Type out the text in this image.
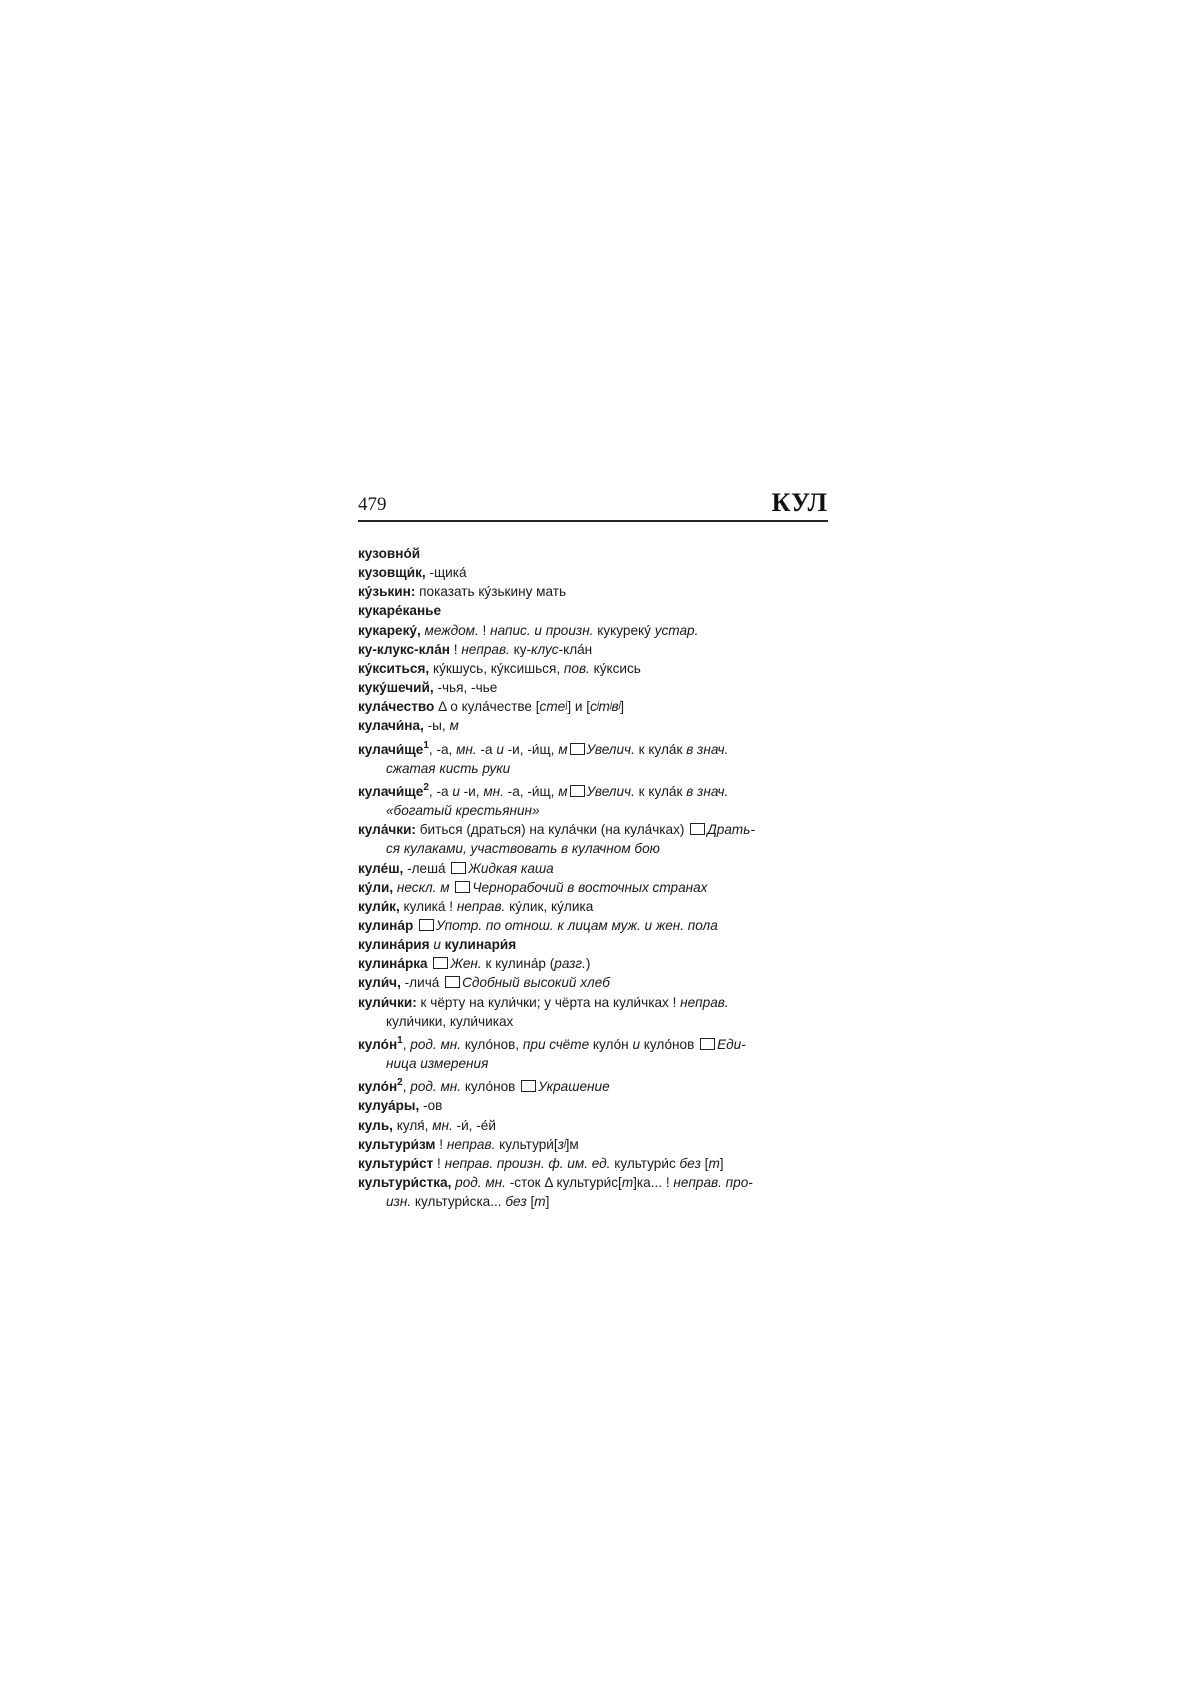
479	КУЛ
кузовно́й
кузовщи́к, -щика́
ку́зькин: показать ку́зькину мать
кукаре́канье
кукареку́, междом. ! напис. и произн. кукуреку́ устар.
ку-клукс-кла́н ! неправ. ку-клус-кла́н
ку́кситься, ку́кшусь, ку́ксишься, пов. ку́ксись
куку́шечий, -чья, -чье
кула́чество Δ о кула́честве [стеʲ] и [сʲтʲвʲ]
кулачи́на, -ы, м
$кулачи́ще^1$, -а, мн. -а и -и, -и́щ, м Увелич. к кула́к в знач.
сжатая кисть руки
$кулачи́ще^2$, -а и -и, мн. -а, -и́щ, м Увелич. к кула́к в знач.
«богатый крестьянин»
кула́чки: биться (драться) на кула́чки (на кула́чках) Драть-
ся кулаками, участвовать в кулачном бою
куле́ш, -леша́ Жидкая каша
ку́ли, нескл. м Чернорабочий в восточных странах
кули́к, кулика́ ! неправ. ку́лик, ку́лика
кулина́р Употр. по отнош. к лицам муж. и жен. пола
кулина́рия и кулинари́я
кулина́рка Жен. к кулина́р (разг.)
кули́ч, -лича́ Сдобный высокий хлеб
кули́чки: к чёрту на кули́чки; у чёрта на кули́чках ! неправ.
кули́чики, кули́чиках
$куло́н^1$, род. мн. куло́нов, при счёте куло́н и куло́нов Еди-
ница измерения
$куло́н^2$, род. мн. куло́нов Украшение
кулуа́ры, -ов
куль, куля́, мн. -и́, -е́й
культури́зм ! неправ. культури́[зʲ]м
культури́ст ! неправ. произн. ф. им. ед. культури́с без [т]
культури́стка, род. мн. -сток Δ культури́с[т]ка... ! неправ. про-
изн. культури́ска... без [т]
